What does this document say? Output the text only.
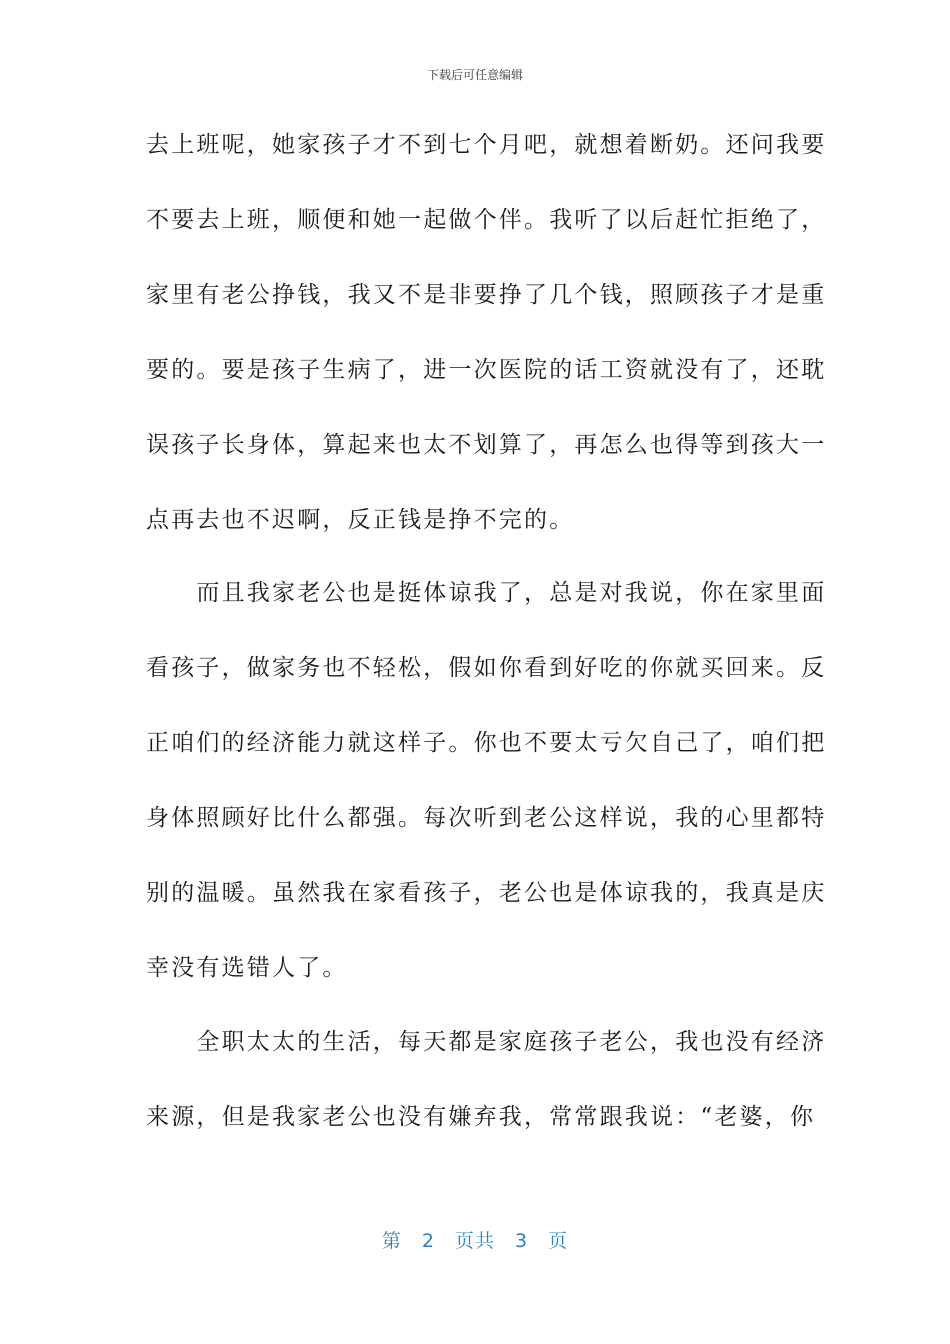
下载后可任意编辑
去上班呢，她家孩子才不到七个月吧，就想着断奶。还问我要
不要去上班，顺便和她一起做个伴。我听了以后赶忙拒绝了，
家里有老公挣钱，我又不是非要挣了几个钱，照顾孩子才是重
要的。要是孩子生病了，进一次医院的话工资就没有了，还耽
误孩子长身体，算起来也太不划算了，再怎么也得等到孩大一
点再去也不迟啊，反正钱是挣不完的。
　　而且我家老公也是挺体谅我了，总是对我说，你在家里面
看孩子，做家务也不轻松，假如你看到好吃的你就买回来。反
正咱们的经济能力就这样子。你也不要太亏欠自己了，咱们把
身体照顾好比什么都强。每次听到老公这样说，我的心里都特
别的温暖。虽然我在家看孩子，老公也是体谅我的，我真是庆
幸没有选错人了。
　　全职太太的生活，每天都是家庭孩子老公，我也没有经济
来源，但是我家老公也没有嫌弃我，常常跟我说：“老婆，你
第 2 页共 3 页
